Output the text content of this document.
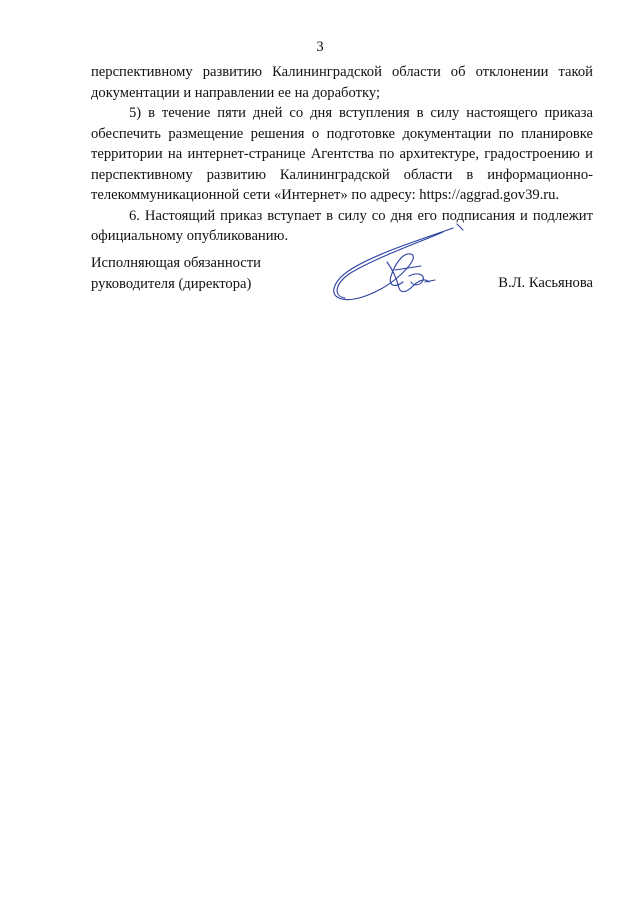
3

перспективному развитию Калининградской области об отклонении такой документации и направлении ее на доработку;

5) в течение пяти дней со дня вступления в силу настоящего приказа обеспечить размещение решения о подготовке документации по планировке территории на интернет-странице Агентства по архитектуре, градостроению и перспективному развитию Калининградской области в информационно-телекоммуникационной сети «Интернет» по адресу: https://aggrad.gov39.ru.

6. Настоящий приказ вступает в силу со дня его подписания и подлежит официальному опубликованию.

Исполняющая обязанности
руководителя (директора)	В.Л. Касьянова
